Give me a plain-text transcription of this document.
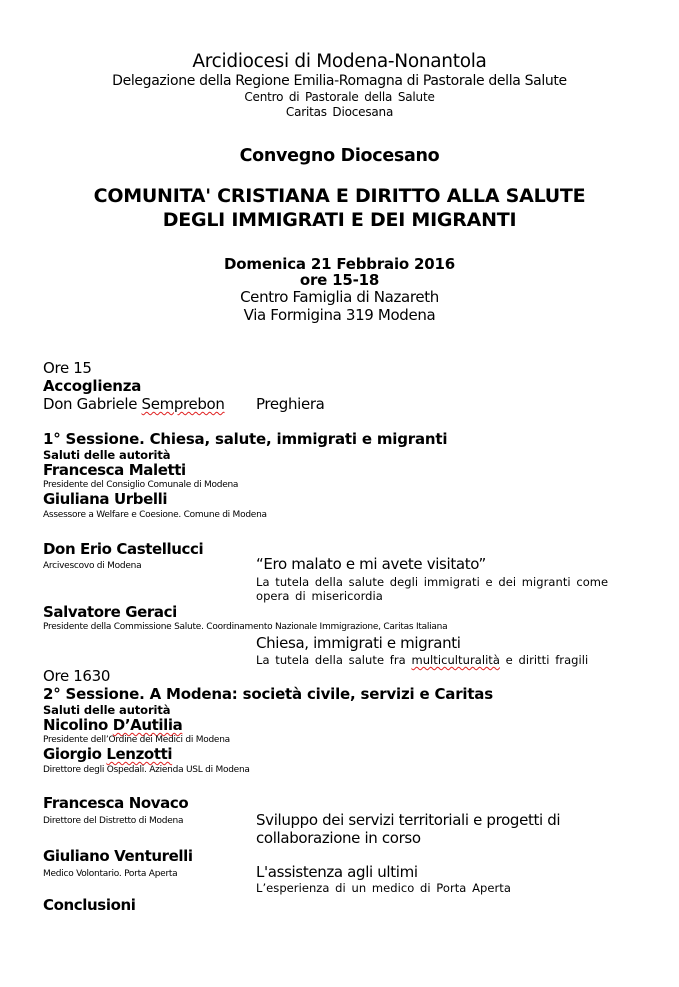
Arcidiocesi di Modena-Nonantola
Delegazione della Regione Emilia-Romagna di Pastorale della Salute
Centro di Pastorale della Salute
Caritas Diocesana
Convegno Diocesano
COMUNITA' CRISTIANA E DIRITTO ALLA SALUTE
DEGLI IMMIGRATI E DEI MIGRANTI
Domenica 21 Febbraio 2016
ore 15-18
Centro Famiglia di Nazareth
Via Formigina 319 Modena
Ore 15
Accoglienza
Don Gabriele Semprebon Preghiera
1° Sessione. Chiesa, salute, immigrati e migranti
Saluti delle autorità
Francesca Maletti
Presidente del Consiglio Comunale di Modena
Giuliana Urbelli
Assessore a Welfare e Coesione. Comune di Modena
Don Erio Castellucci
Arcivescovo di Modena	“Ero malato e mi avete visitato”
La tutela della salute degli immigrati e dei migranti come
opera di misericordia
Salvatore Geraci
Presidente della Commissione Salute. Coordinamento Nazionale Immigrazione, Caritas Italiana
Chiesa, immigrati e migranti
La tutela della salute fra multiculturalità e diritti fragili
Ore 1630
2° Sessione. A Modena: società civile, servizi e Caritas
Saluti delle autorità
Nicolino D’Autilia
Presidente dell’Ordine dei Medici di Modena
Giorgio Lenzotti
Direttore degli Ospedali. Azienda USL di Modena
Francesca Novaco
Direttore del Distretto di Modena	Sviluppo dei servizi territoriali e progetti di
collaborazione in corso
Giuliano Venturelli
Medico Volontario. Porta Aperta	L'assistenza agli ultimi
L’esperienza di un medico di Porta Aperta
Conclusioni
